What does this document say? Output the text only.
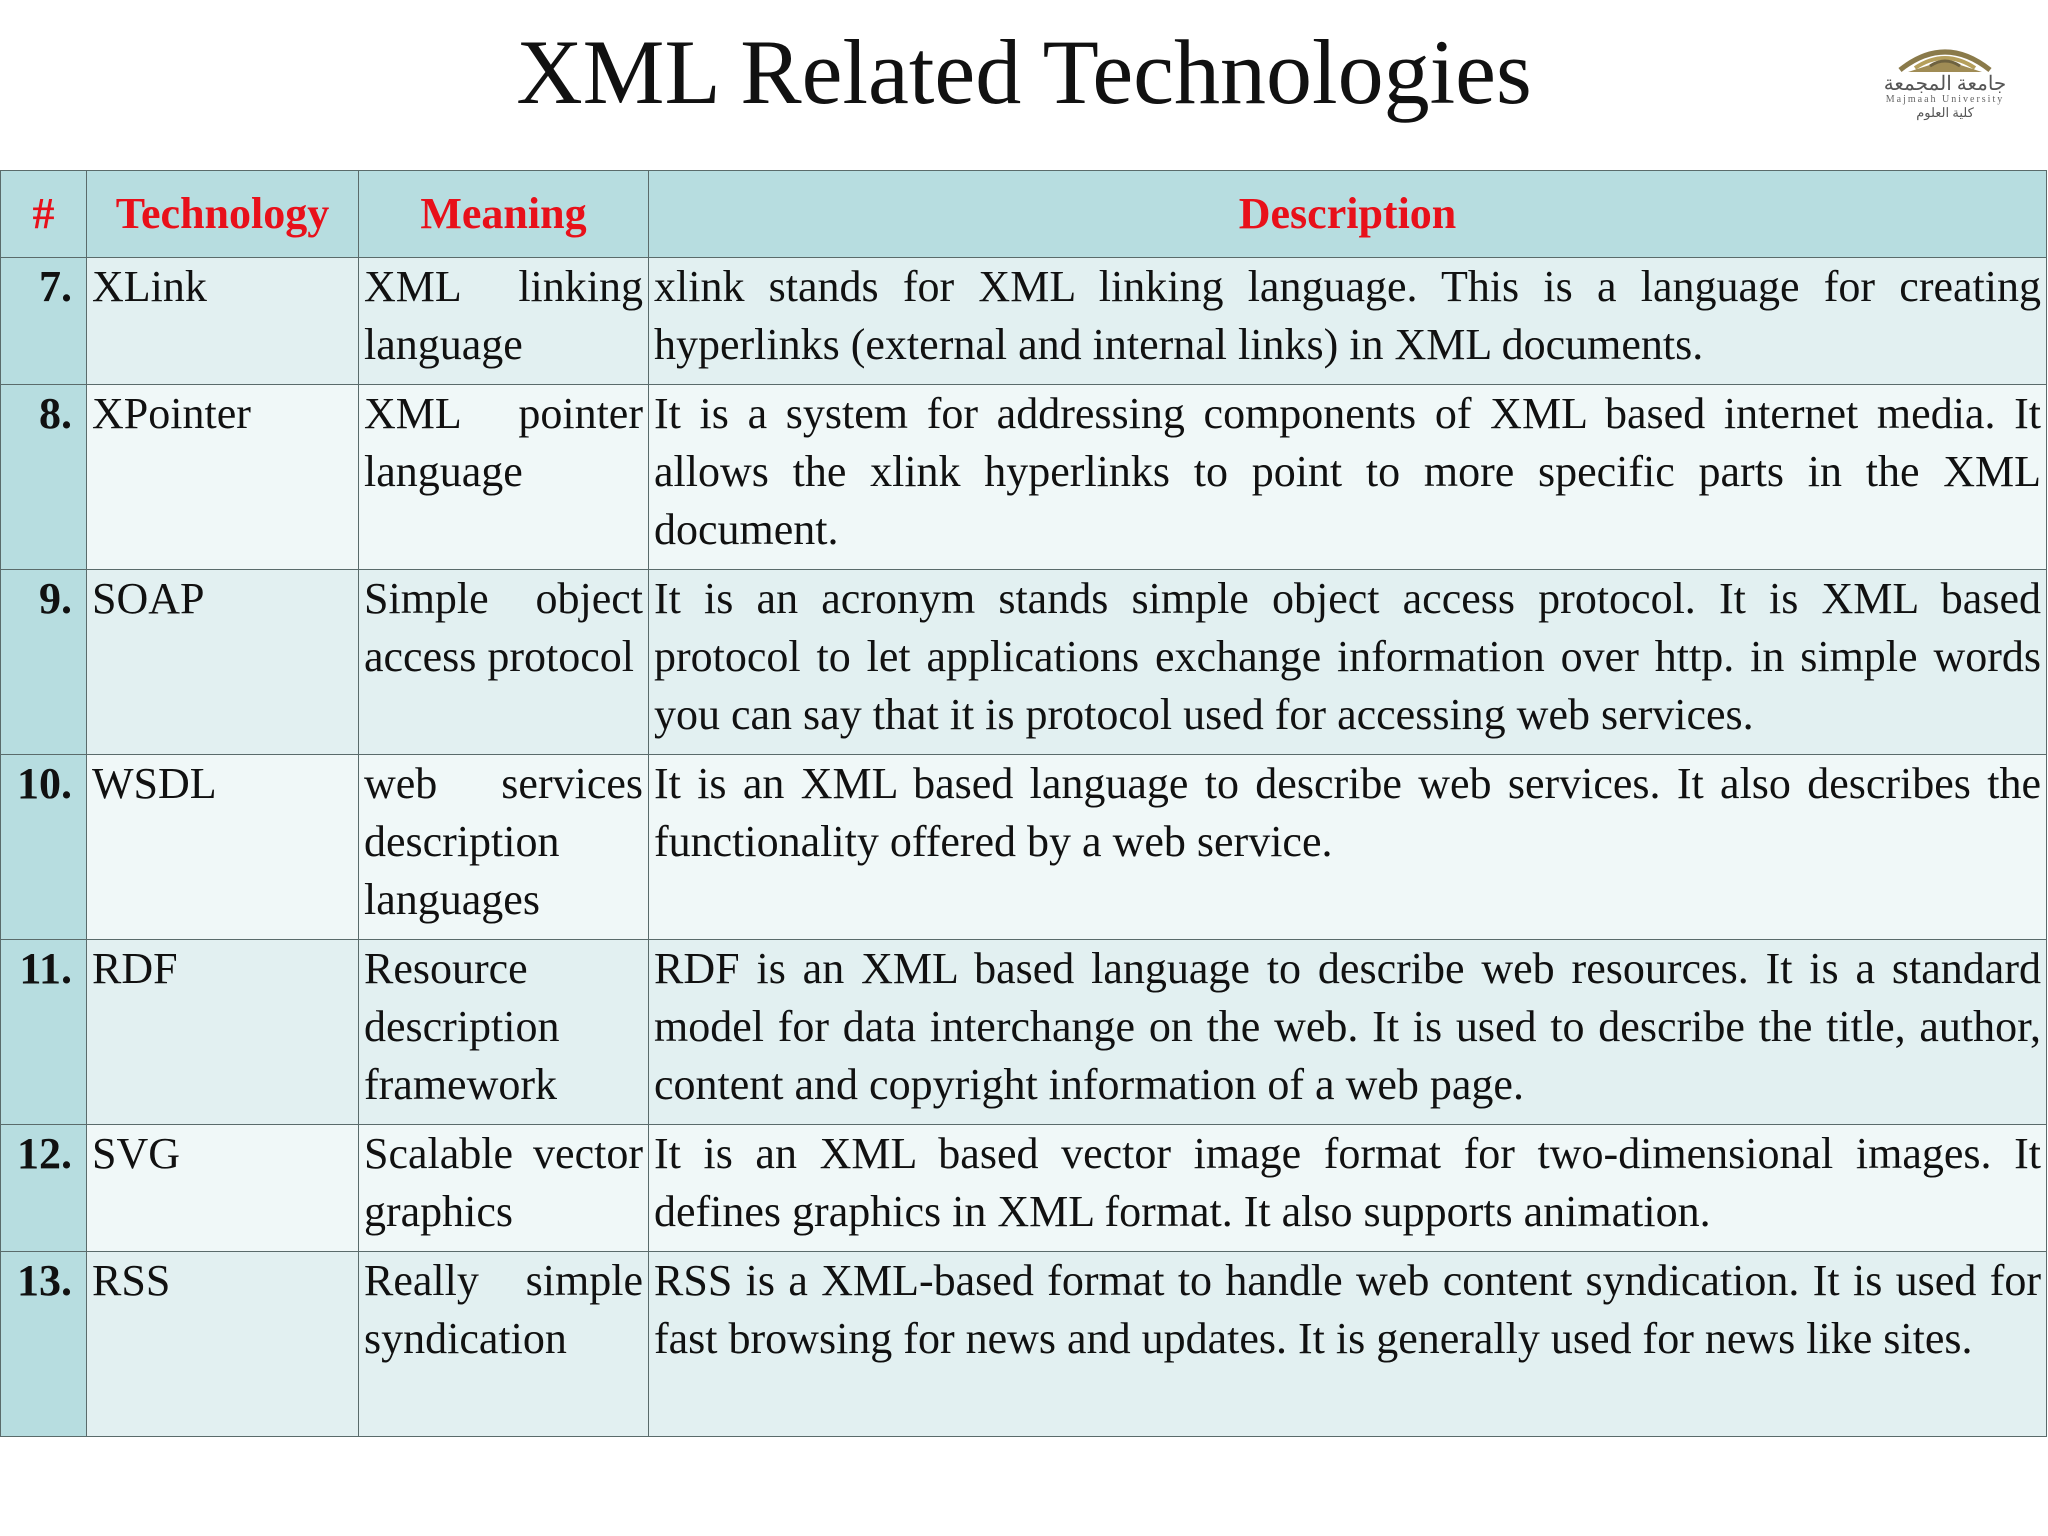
XML Related Technologies	جامعة المجمعة
Majmaah University
كلية العلوم
#	Technology	Meaning	Description
7.	XLink	XML linking language	xlink stands for XML linking language. This is a language for creating hyperlinks (external and internal links) in XML documents.
8.	XPointer	XML pointer language	It is a system for addressing components of XML based internet media. It allows the xlink hyperlinks to point to more specific parts in the XML document.
9.	SOAP	Simple object access protocol	It is an acronym stands simple object access protocol. It is XML based protocol to let applications exchange information over http. in simple words you can say that it is protocol used for accessing web services.
10.	WSDL	web services description languages	It is an XML based language to describe web services. It also describes the functionality offered by a web service.
11.	RDF	Resource description framework	RDF is an XML based language to describe web resources. It is a standard model for data interchange on the web. It is used to describe the title, author, content and copyright information of a web page.
12.	SVG	Scalable vector graphics	It is an XML based vector image format for two-dimensional images. It defines graphics in XML format. It also supports animation.
13.	RSS	Really simple syndication	RSS is a XML-based format to handle web content syndication. It is used for fast browsing for news and updates. It is generally used for news like sites.
